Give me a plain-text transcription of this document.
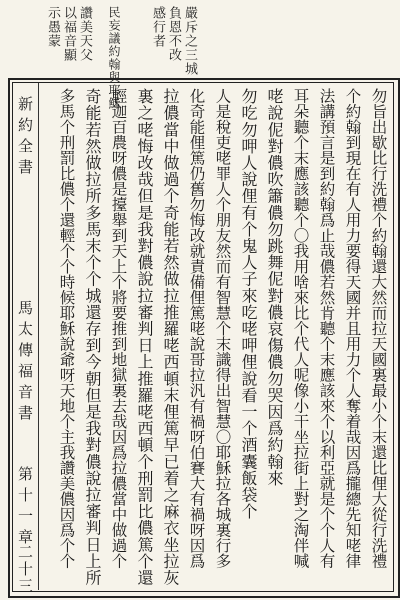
民妄議約翰與耶穌	嚴斥之三城
負恩不改
感行者
讚美天父
以福音顯
示愚蒙
新約全書
馬太傳福音書
第十一章
二十三
勿旨出歇比行洗禮个約翰還大然而拉天國裏最小个末還比俚大從行洗禮
个約翰到現在有人用力要得天國并且用力个人奪着哉因爲攏總先知咾律
法講預言是到約翰爲止哉儂若然肯聽个末應該來个以利亞就是个个人有
耳朵聽个末應該聽个〇我用啥來比个代人呢像小干坐拉街上對之淘伴喊
咾說伲對儂吹簫儂勿跳舞伲對儂哀傷儂勿哭因爲約翰來
勿吃勿呷人說俚有个鬼人子來吃咾呷俚說看一个酒囊飯袋个
人是稅吏咾罪人个朋友然而有智慧个末識得出智慧〇耶穌拉各城裏行多
化奇能俚篤仍舊勿悔改就責備俚篤咾說哥拉汎有禍呀伯賽大有禍呀因爲
拉儂當中做過个奇能若然做拉推羅咾西頓末俚篤早已着之麻衣坐拉灰
裏之咾悔改哉但是我對儂說拉審判日上推羅咾西頓个刑罰比儂篤个還
輕迦百農呀儂是擡舉到天上个將要推到地獄裏去哉因爲拉儂當中做過个
奇能若然做拉所多馬末个个城還存到今朝但是我對儂說拉審判日上所
多馬个刑罰比儂个還輕个个時候耶穌說爺呀天地个主我讚美儂因爲个个
